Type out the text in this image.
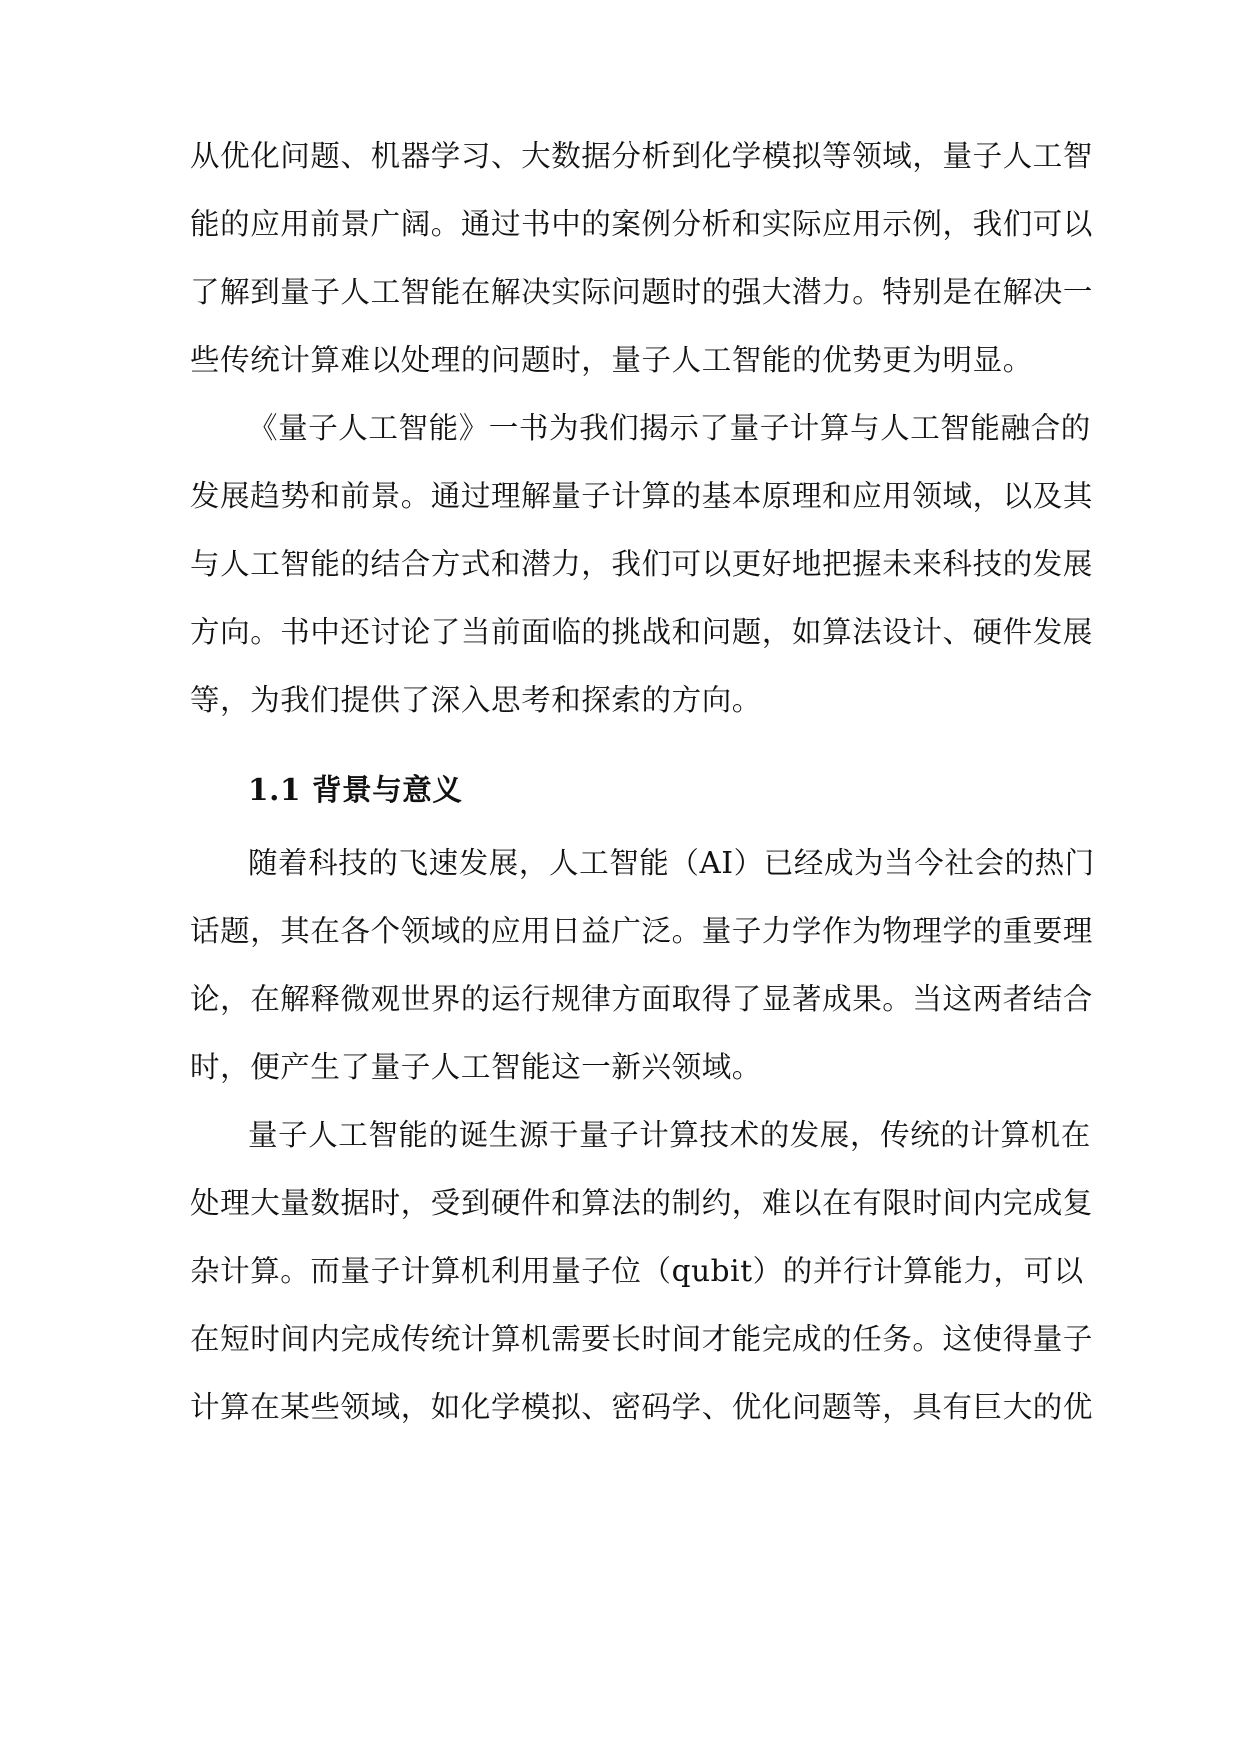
从优化问题、机器学习、大数据分析到化学模拟等领域，量子人工智
能的应用前景广阔。通过书中的案例分析和实际应用示例，我们可以
了解到量子人工智能在解决实际问题时的强大潜力。特别是在解决一
些传统计算难以处理的问题时，量子人工智能的优势更为明显。
《量子人工智能》一书为我们揭示了量子计算与人工智能融合的
发展趋势和前景。通过理解量子计算的基本原理和应用领域，以及其
与人工智能的结合方式和潜力，我们可以更好地把握未来科技的发展
方向。书中还讨论了当前面临的挑战和问题，如算法设计、硬件发展
等，为我们提供了深入思考和探索的方向。
1.1 背景与意义
随着科技的飞速发展，人工智能（AI）已经成为当今社会的热门
话题，其在各个领域的应用日益广泛。量子力学作为物理学的重要理
论，在解释微观世界的运行规律方面取得了显著成果。当这两者结合
时，便产生了量子人工智能这一新兴领域。
量子人工智能的诞生源于量子计算技术的发展，传统的计算机在
处理大量数据时，受到硬件和算法的制约，难以在有限时间内完成复
杂计算。而量子计算机利用量子位（qubit）的并行计算能力，可以
在短时间内完成传统计算机需要长时间才能完成的任务。这使得量子
计算在某些领域，如化学模拟、密码学、优化问题等，具有巨大的优
